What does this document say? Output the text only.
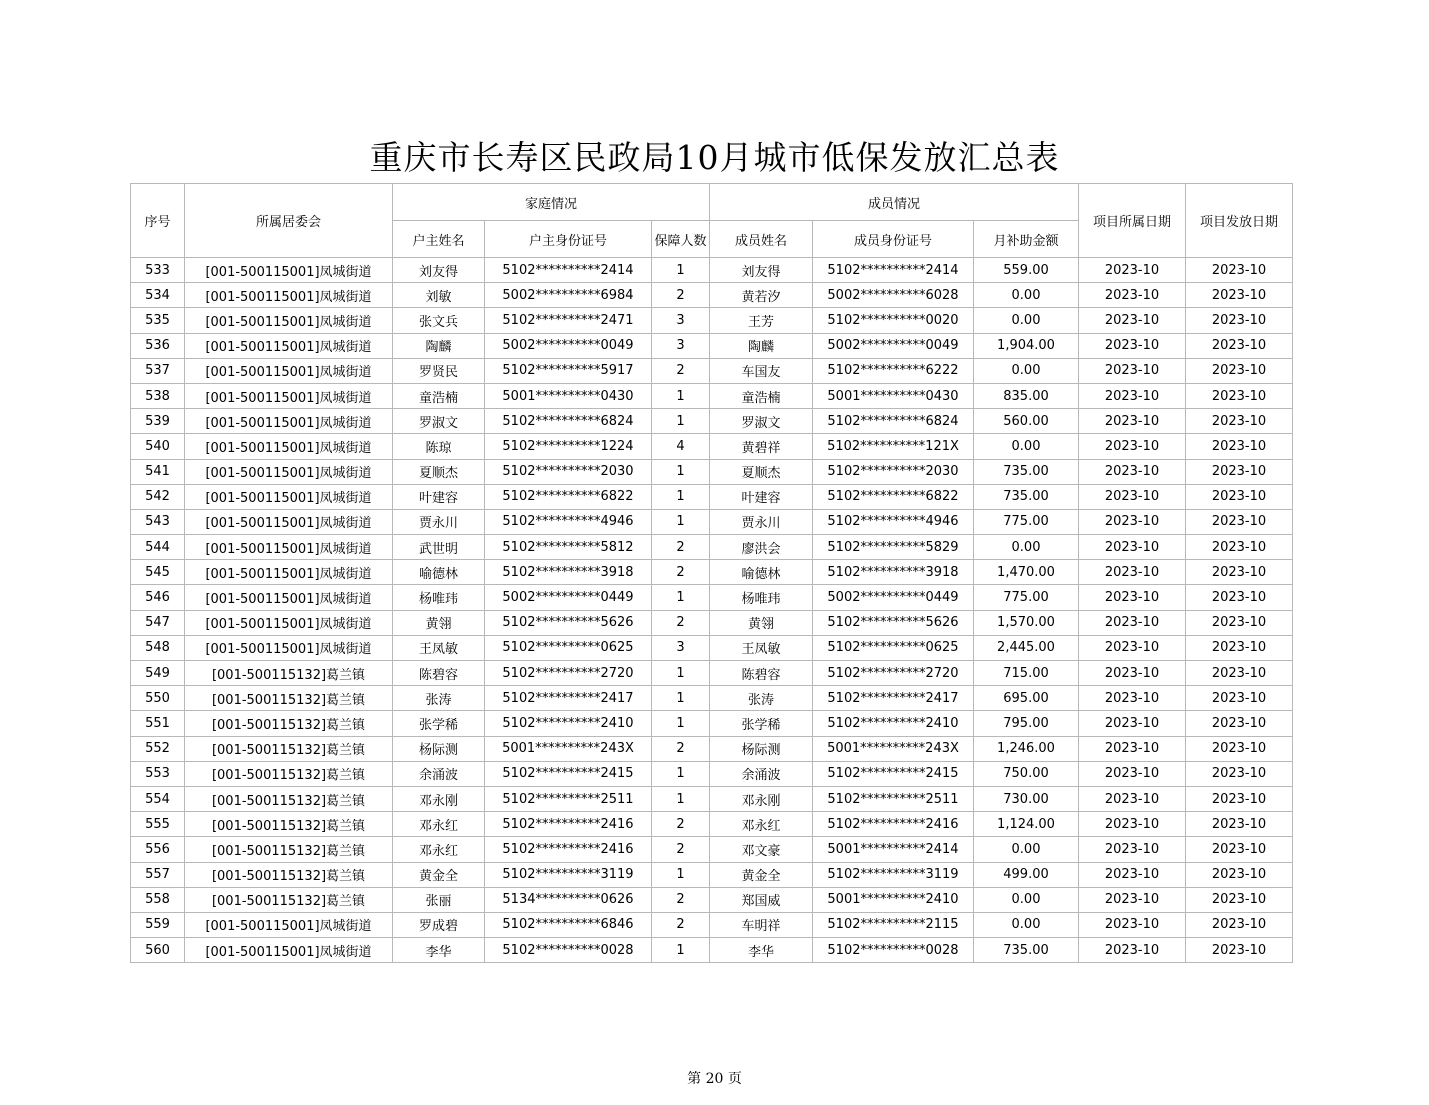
重庆市长寿区民政局10月城市低保发放汇总表
序号	所属居委会	家庭情况			成员情况			项目所属日期	项目发放日期
		户主姓名	户主身份证号	保障人数	成员姓名	成员身份证号	月补助金额		
533	[001-500115001]凤城街道	刘友得	5102**********2414	1	刘友得	5102**********2414	559.00	2023-10	2023-10
534	[001-500115001]凤城街道	刘敏	5002**********6984	2	黄若汐	5002**********6028	0.00	2023-10	2023-10
535	[001-500115001]凤城街道	张文兵	5102**********2471	3	王芳	5102**********0020	0.00	2023-10	2023-10
536	[001-500115001]凤城街道	陶麟	5002**********0049	3	陶麟	5002**********0049	1,904.00	2023-10	2023-10
537	[001-500115001]凤城街道	罗贤民	5102**********5917	2	车国友	5102**********6222	0.00	2023-10	2023-10
538	[001-500115001]凤城街道	童浩楠	5001**********0430	1	童浩楠	5001**********0430	835.00	2023-10	2023-10
539	[001-500115001]凤城街道	罗淑文	5102**********6824	1	罗淑文	5102**********6824	560.00	2023-10	2023-10
540	[001-500115001]凤城街道	陈琼	5102**********1224	4	黄碧祥	5102**********121X	0.00	2023-10	2023-10
541	[001-500115001]凤城街道	夏顺杰	5102**********2030	1	夏顺杰	5102**********2030	735.00	2023-10	2023-10
542	[001-500115001]凤城街道	叶建容	5102**********6822	1	叶建容	5102**********6822	735.00	2023-10	2023-10
543	[001-500115001]凤城街道	贾永川	5102**********4946	1	贾永川	5102**********4946	775.00	2023-10	2023-10
544	[001-500115001]凤城街道	武世明	5102**********5812	2	廖洪会	5102**********5829	0.00	2023-10	2023-10
545	[001-500115001]凤城街道	喻德林	5102**********3918	2	喻德林	5102**********3918	1,470.00	2023-10	2023-10
546	[001-500115001]凤城街道	杨唯玮	5002**********0449	1	杨唯玮	5002**********0449	775.00	2023-10	2023-10
547	[001-500115001]凤城街道	黄翎	5102**********5626	2	黄翎	5102**********5626	1,570.00	2023-10	2023-10
548	[001-500115001]凤城街道	王凤敏	5102**********0625	3	王凤敏	5102**********0625	2,445.00	2023-10	2023-10
549	[001-500115132]葛兰镇	陈碧容	5102**********2720	1	陈碧容	5102**********2720	715.00	2023-10	2023-10
550	[001-500115132]葛兰镇	张涛	5102**********2417	1	张涛	5102**********2417	695.00	2023-10	2023-10
551	[001-500115132]葛兰镇	张学稀	5102**********2410	1	张学稀	5102**********2410	795.00	2023-10	2023-10
552	[001-500115132]葛兰镇	杨际测	5001**********243X	2	杨际测	5001**********243X	1,246.00	2023-10	2023-10
553	[001-500115132]葛兰镇	余涌波	5102**********2415	1	余涌波	5102**********2415	750.00	2023-10	2023-10
554	[001-500115132]葛兰镇	邓永刚	5102**********2511	1	邓永刚	5102**********2511	730.00	2023-10	2023-10
555	[001-500115132]葛兰镇	邓永红	5102**********2416	2	邓永红	5102**********2416	1,124.00	2023-10	2023-10
556	[001-500115132]葛兰镇	邓永红	5102**********2416	2	邓文豪	5001**********2414	0.00	2023-10	2023-10
557	[001-500115132]葛兰镇	黄金全	5102**********3119	1	黄金全	5102**********3119	499.00	2023-10	2023-10
558	[001-500115132]葛兰镇	张丽	5134**********0626	2	郑国威	5001**********2410	0.00	2023-10	2023-10
559	[001-500115001]凤城街道	罗成碧	5102**********6846	2	车明祥	5102**********2115	0.00	2023-10	2023-10
560	[001-500115001]凤城街道	李华	5102**********0028	1	李华	5102**********0028	735.00	2023-10	2023-10
第 20 页
